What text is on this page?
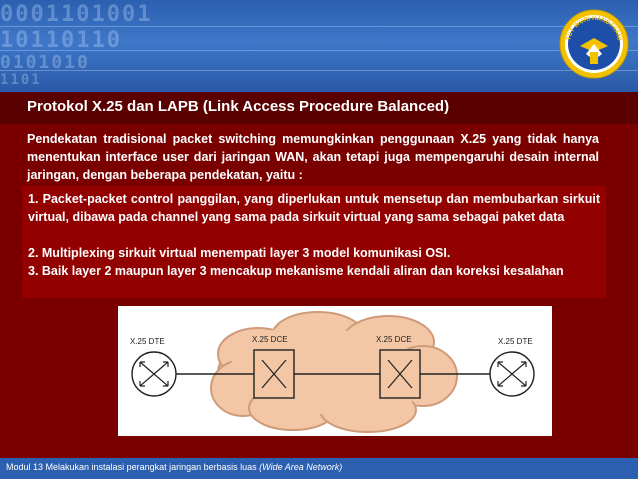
0001101001
10110110
0101010
1101
TUT WURI HANDAYANI
Protokol X.25 dan LAPB (Link Access Procedure Balanced)
Pendekatan tradisional packet switching memungkinkan penggunaan X.25 yang tidak hanya menentukan interface user dari jaringan WAN, akan tetapi juga mempengaruhi desain internal jaringan, dengan beberapa pendekatan, yaitu :
1. Packet-packet control panggilan, yang diperlukan untuk mensetup dan membubarkan sirkuit virtual, dibawa pada channel yang sama pada sirkuit virtual yang sama sebagai paket data
2. Multiplexing sirkuit virtual menempati layer 3 model komunikasi OSI.
3. Baik layer 2 maupun layer 3 mencakup mekanisme kendali aliran dan koreksi kesalahan
X.25 DTE	X.25 DCE	X.25 DCE	X.25 DTE
Modul 13 Melakukan instalasi perangkat jaringan berbasis luas (Wide Area Network)
